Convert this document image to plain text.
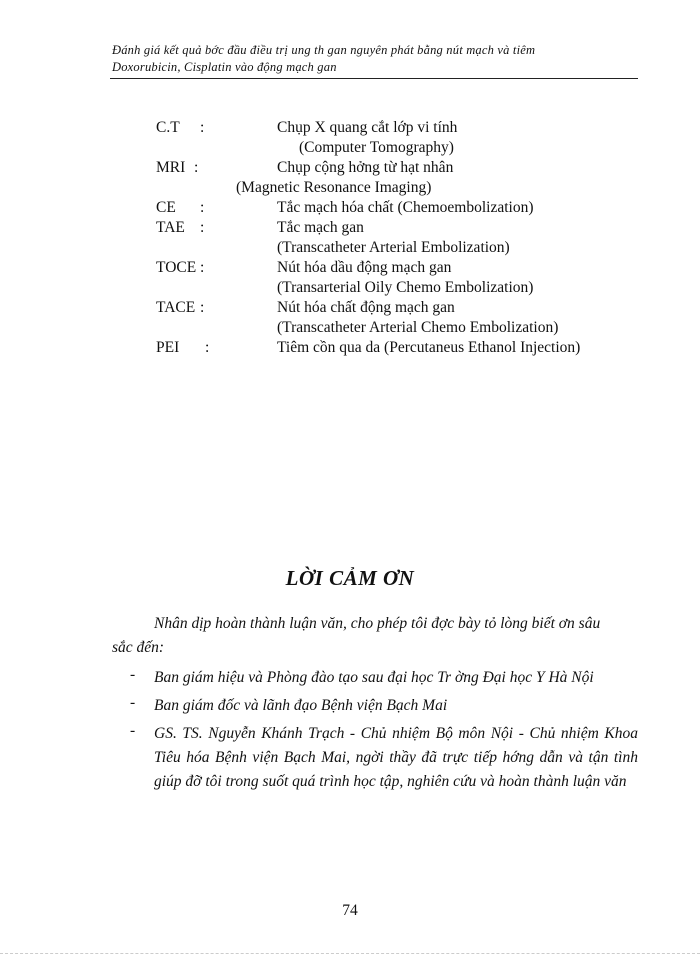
Đánh giá kết quả bớc đầu điều trị ung th gan nguyên phát bằng nút mạch và tiêm
Doxorubicin, Cisplatin vào động mạch gan
C.T :	Chụp X quang cắt lớp vi tính
(Computer Tomography)
MRI :	Chụp cộng hởng từ hạt nhân
(Magnetic Resonance Imaging)
CE :	Tắc mạch hóa chất (Chemoembolization)
TAE :	Tắc mạch gan
(Transcatheter Arterial Embolization)
TOCE :	Nút hóa dầu động mạch gan
(Transarterial Oily Chemo Embolization)
TACE :	Nút hóa chất động mạch gan
(Transcatheter Arterial Chemo Embolization)
PEI :	Tiêm cồn qua da (Percutaneus Ethanol Injection)
LỜI CẢM ƠN

Nhân dịp hoàn thành luận văn, cho phép tôi đợc bày tỏ lòng biết ơn sâu
sắc đến:

- Ban giám hiệu và Phòng đào tạo sau đại học Tr ờng Đại học Y Hà Nội
- Ban giám đốc và lãnh đạo Bệnh viện Bạch Mai
- GS. TS. Nguyễn Khánh Trạch - Chủ nhiệm Bộ môn Nội - Chủ nhiệm Khoa Tiêu hóa Bệnh viện Bạch Mai, ngời thầy đã trực tiếp hớng dẫn và tận tình giúp đỡ tôi trong suốt quá trình học tập, nghiên cứu và hoàn thành luận văn
74
